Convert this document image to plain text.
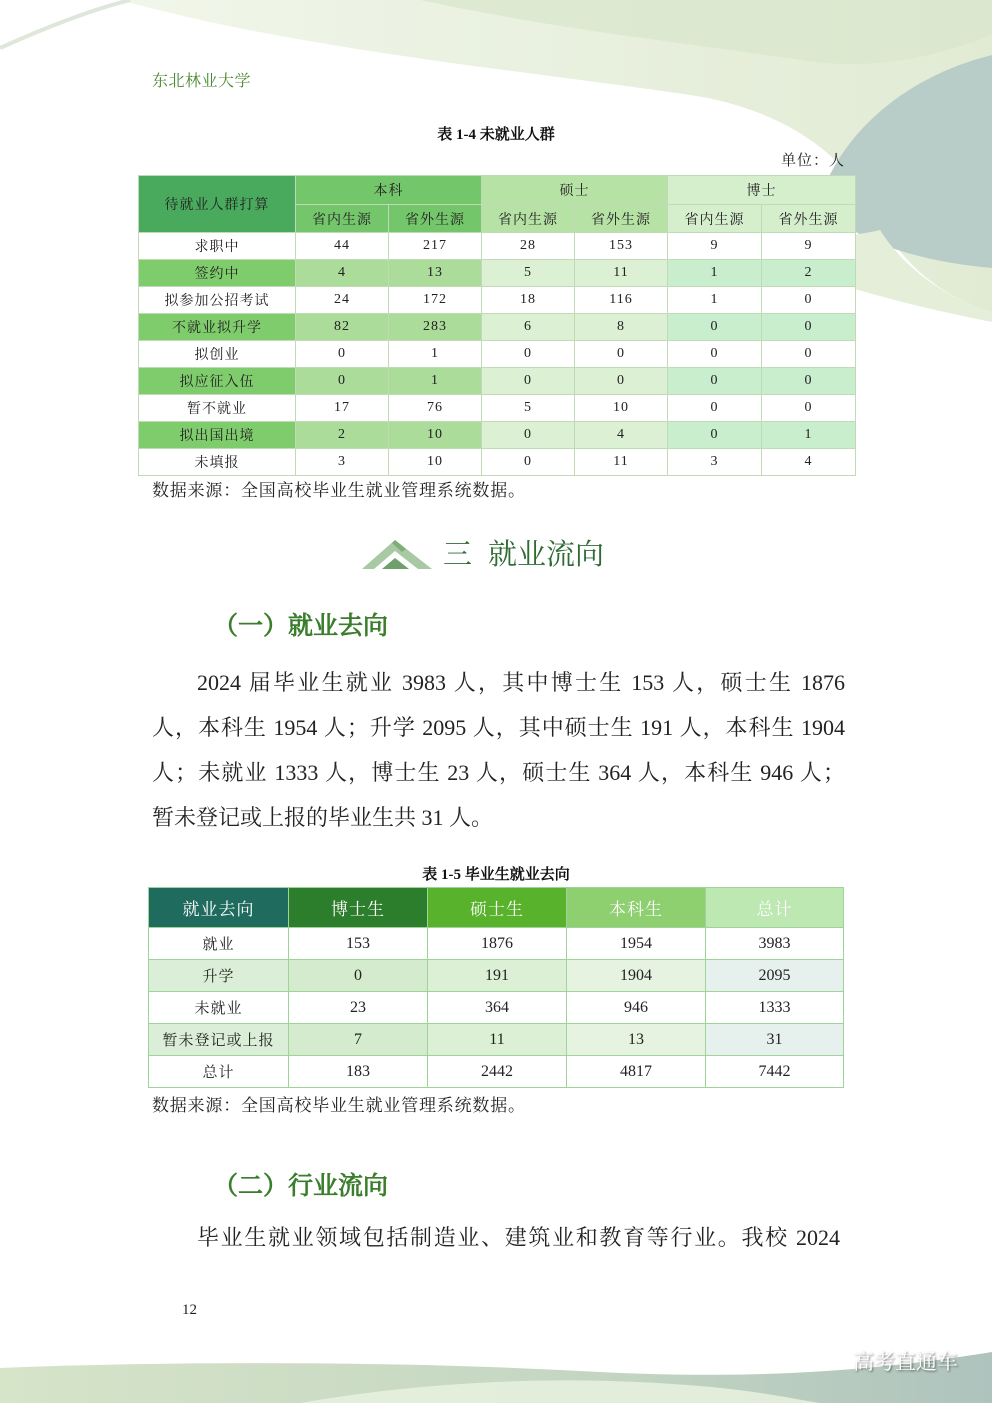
东北林业大学
表 1-4 未就业人群
单位：人
待就业人群打算	本科		硕士		博士	
	省内生源	省外生源	省内生源	省外生源	省内生源	省外生源
求职中	44	217	28	153	9	9
签约中	4	13	5	11	1	2
拟参加公招考试	24	172	18	116	1	0
不就业拟升学	82	283	6	8	0	0
拟创业	0	1	0	0	0	0
拟应征入伍	0	1	0	0	0	0
暂不就业	17	76	5	10	0	0
拟出国出境	2	10	0	4	0	1
未填报	3	10	0	11	3	4
数据来源：全国高校毕业生就业管理系统数据。
三 就业流向
（一）就业去向
2024 届毕业生就业 3983 人，其中博士生 153 人，硕士生 1876
人，本科生 1954 人；升学 2095 人，其中硕士生 191 人，本科生 1904
人；未就业 1333 人，博士生 23 人，硕士生 364 人，本科生 946 人；
暂未登记或上报的毕业生共 31 人。
表 1-5 毕业生就业去向
就业去向	博士生	硕士生	本科生	总计
就业	153	1876	1954	3983
升学	0	191	1904	2095
未就业	23	364	946	1333
暂未登记或上报	7	11	13	31
总计	183	2442	4817	7442
数据来源：全国高校毕业生就业管理系统数据。
（二）行业流向
毕业生就业领域包括制造业、建筑业和教育等行业。我校 2024
12
高考直通车
